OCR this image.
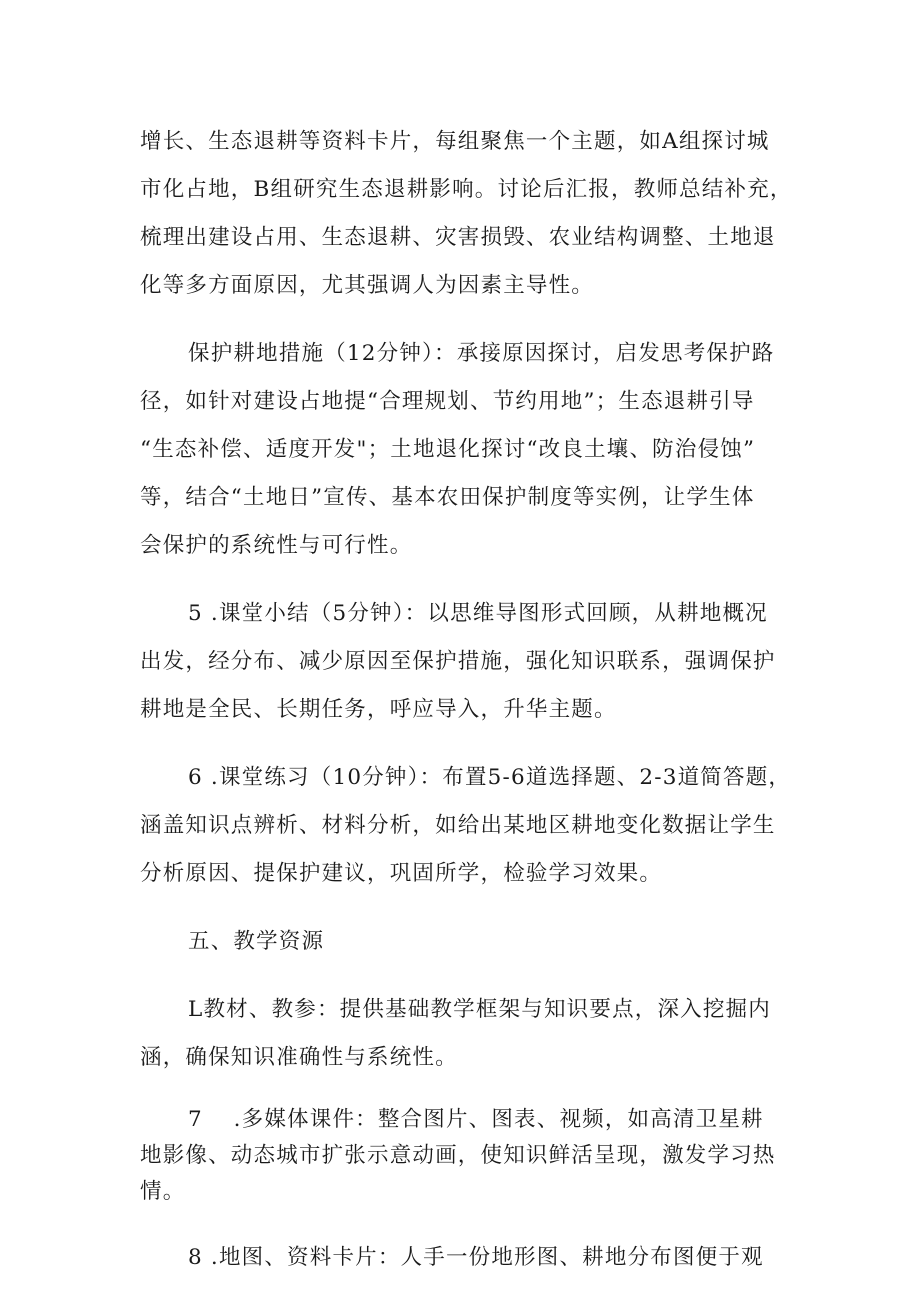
增长、生态退耕等资料卡片，每组聚焦一个主题，如A组探讨城
市化占地，B组研究生态退耕影响。讨论后汇报，教师总结补充，
梳理出建设占用、生态退耕、灾害损毁、农业结构调整、土地退
化等多方面原因，尤其强调人为因素主导性。

保护耕地措施（12分钟）：承接原因探讨，启发思考保护路
径，如针对建设占地提“合理规划、节约用地”；生态退耕引导
“生态补偿、适度开发"；土地退化探讨“改良土壤、防治侵蚀”
等，结合“土地日”宣传、基本农田保护制度等实例，让学生体
会保护的系统性与可行性。

5 .课堂小结（5分钟）：以思维导图形式回顾，从耕地概况
出发，经分布、减少原因至保护措施，强化知识联系，强调保护
耕地是全民、长期任务，呼应导入，升华主题。

6 .课堂练习（10分钟）：布置5-6道选择题、2-3道简答题，
涵盖知识点辨析、材料分析，如给出某地区耕地变化数据让学生
分析原因、提保护建议，巩固所学，检验学习效果。

五、教学资源

L教材、教参：提供基础教学框架与知识要点，深入挖掘内
涵，确保知识准确性与系统性。

7　 .多媒体课件：整合图片、图表、视频，如高清卫星耕
地影像、动态城市扩张示意动画，使知识鲜活呈现，激发学习热
情。

8 .地图、资料卡片：人手一份地形图、耕地分布图便于观
